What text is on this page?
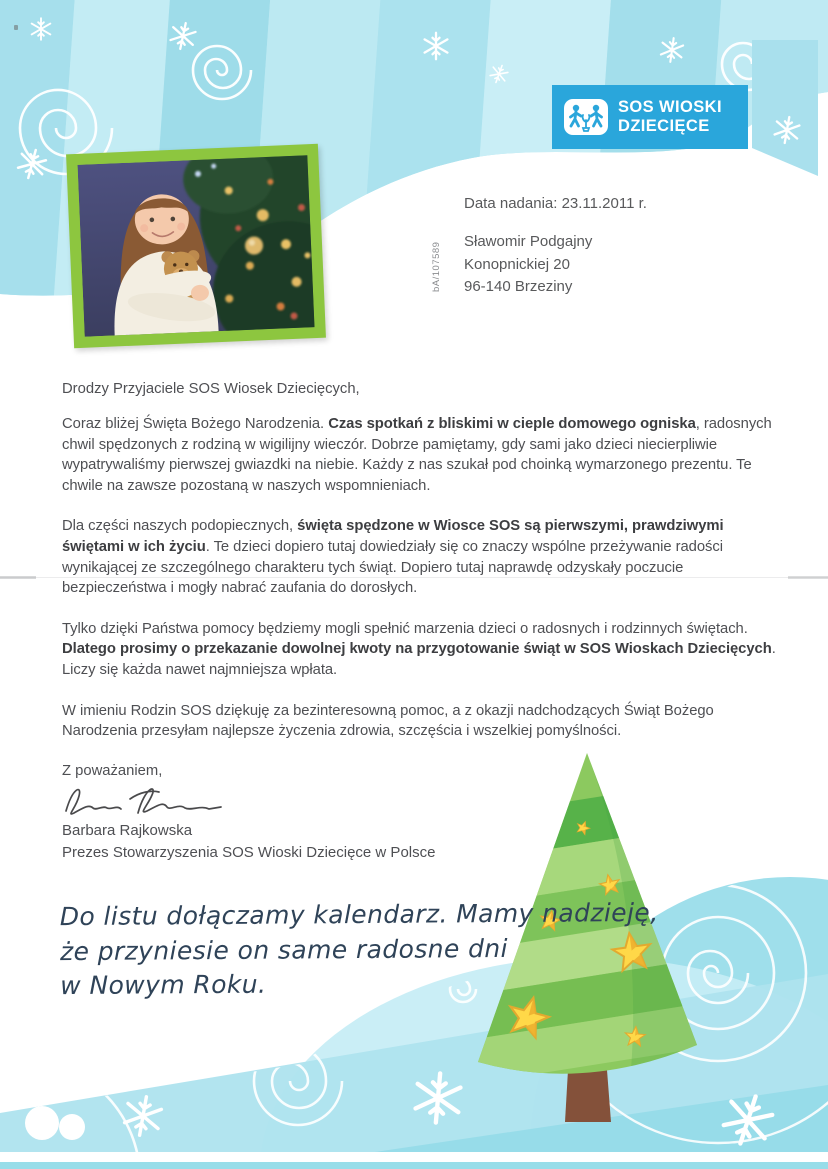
SOS WIOSKI
DZIECIĘCE
Data nadania: 23.11.2011 r.
bA/107589
Sławomir Podgajny
Konopnickiej 20
96-140 Brzeziny
Drodzy Przyjaciele SOS Wiosek Dziecięcych,

Coraz bliżej Święta Bożego Narodzenia. Czas spotkań z bliskimi w cieple domowego ogniska, radosnych chwil spędzonych z rodziną w wigilijny wieczór. Dobrze pamiętamy, gdy sami jako dzieci niecierpliwie wypatrywaliśmy pierwszej gwiazdki na niebie. Każdy z nas szukał pod choinką wymarzonego prezentu. Te chwile na zawsze pozostaną w naszych wspomnieniach.

Dla części naszych podopiecznych, święta spędzone w Wiosce SOS są pierwszymi, prawdziwymi świętami w ich życiu. Te dzieci dopiero tutaj dowiedziały się co znaczy wspólne przeżywanie radości wynikającej ze szczególnego charakteru tych świąt. Dopiero tutaj naprawdę odzyskały poczucie bezpieczeństwa i mogły nabrać zaufania do dorosłych.

Tylko dzięki Państwa pomocy będziemy mogli spełnić marzenia dzieci o radosnych i rodzinnych świętach. Dlatego prosimy o przekazanie dowolnej kwoty na przygotowanie świąt w SOS Wioskach Dziecięcych. Liczy się każda nawet najmniejsza wpłata.

W imieniu Rodzin SOS dziękuję za bezinteresowną pomoc, a z okazji nadchodzących Świąt Bożego Narodzenia przesyłam najlepsze życzenia zdrowia, szczęścia i wszelkiej pomyślności.

Z poważaniem,
Barbara Rajkowska
Prezes Stowarzyszenia SOS Wioski Dziecięce w Polsce
Do listu dołączamy kalendarz. Mamy nadzieję,
że przyniesie on same radosne dni
w Nowym Roku.
